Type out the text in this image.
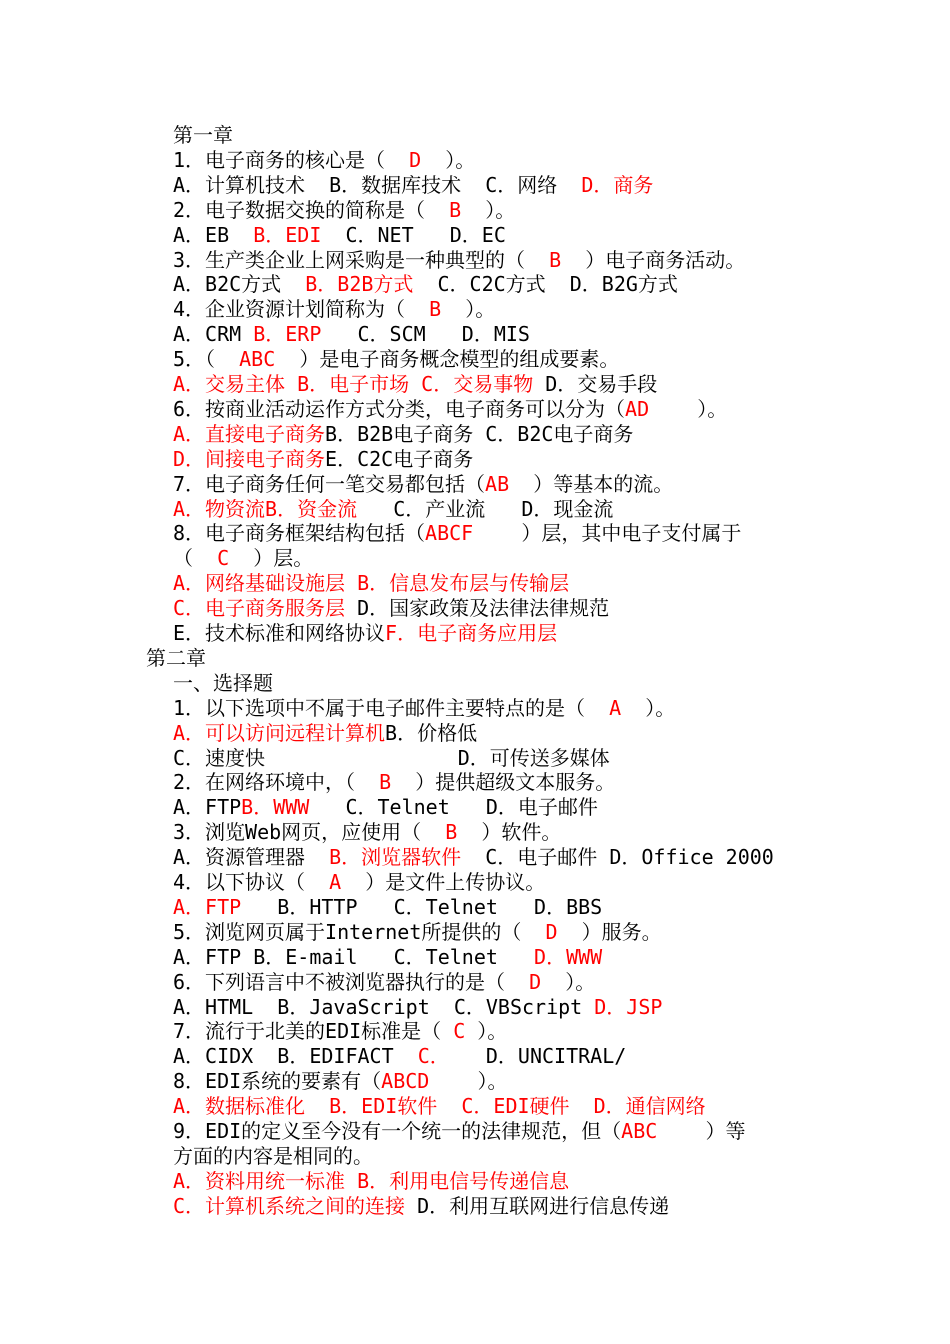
第一章
1．电子商务的核心是（  D  ）。
A．计算机技术  B．数据库技术  C．网络  D．商务
2．电子数据交换的简称是（  B  ）。
A．EB  B．EDI  C．NET   D．EC
3．生产类企业上网采购是一种典型的（  B  ）电子商务活动。
A．B2C方式  B．B2B方式  C．C2C方式  D．B2G方式
4．企业资源计划简称为（  B  ）。
A．CRM B．ERP   C．SCM   D．MIS
5．（  ABC  ）是电子商务概念模型的组成要素。
A．交易主体 B．电子市场 C．交易事物 D．交易手段
6．按商业活动运作方式分类，电子商务可以分为（AD    ）。
A．直接电子商务B．B2B电子商务 C．B2C电子商务
D．间接电子商务E．C2C电子商务
7．电子商务任何一笔交易都包括（AB  ）等基本的流。
A．物资流B．资金流   C．产业流   D．现金流
8．电子商务框架结构包括（ABCF    ）层，其中电子支付属于
（  C  ）层。
A．网络基础设施层 B．信息发布层与传输层
C．电子商务服务层 D．国家政策及法律法律规范
E．技术标准和网络协议F．电子商务应用层
第二章
一、选择题
1．以下选项中不属于电子邮件主要特点的是（  A  ）。
A．可以访问远程计算机B．价格低
C．速度快                D．可传送多媒体
2．在网络环境中，（  B  ）提供超级文本服务。
A．FTPB．WWW   C．Telnet   D．电子邮件
3．浏览Web网页，应使用（  B  ）软件。
A．资源管理器  B．浏览器软件  C．电子邮件 D．Office 2000
4．以下协议（  A  ）是文件上传协议。
A．FTP   B．HTTP   C．Telnet   D．BBS
5．浏览网页属于Internet所提供的（  D  ）服务。
A．FTP B．E-mail   C．Telnet   D．WWW
6．下列语言中不被浏览器执行的是（  D  ）。
A．HTML  B．JavaScript  C．VBScript D．JSP
7．流行于北美的EDI标准是（ C ）。
A．CIDX  B．EDIFACT  C．   D．UNCITRAL/
8．EDI系统的要素有（ABCD    ）。
A．数据标准化  B．EDI软件  C．EDI硬件  D．通信网络
9．EDI的定义至今没有一个统一的法律规范，但（ABC    ）等
方面的内容是相同的。
A．资料用统一标准 B．利用电信号传递信息
C．计算机系统之间的连接 D．利用互联网进行信息传递
